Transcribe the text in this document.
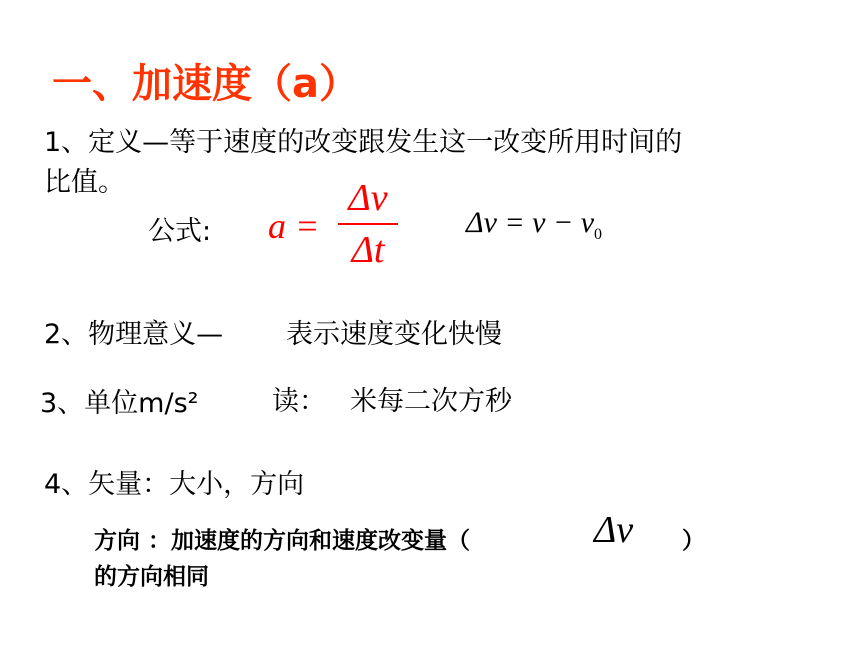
一、加速度（a）
1、定义—等于速度的改变跟发生这一改变所用时间的
比值。
公式: a =
Δv
Δt
$\Delta v = v - v_0$
2、物理意义— 表示速度变化快慢
3、单位m/s²	读： 米每二次方秒
4、矢量：大小，方向
方向 ：加速度的方向和速度改变量（	Δv ）
的方向相同
